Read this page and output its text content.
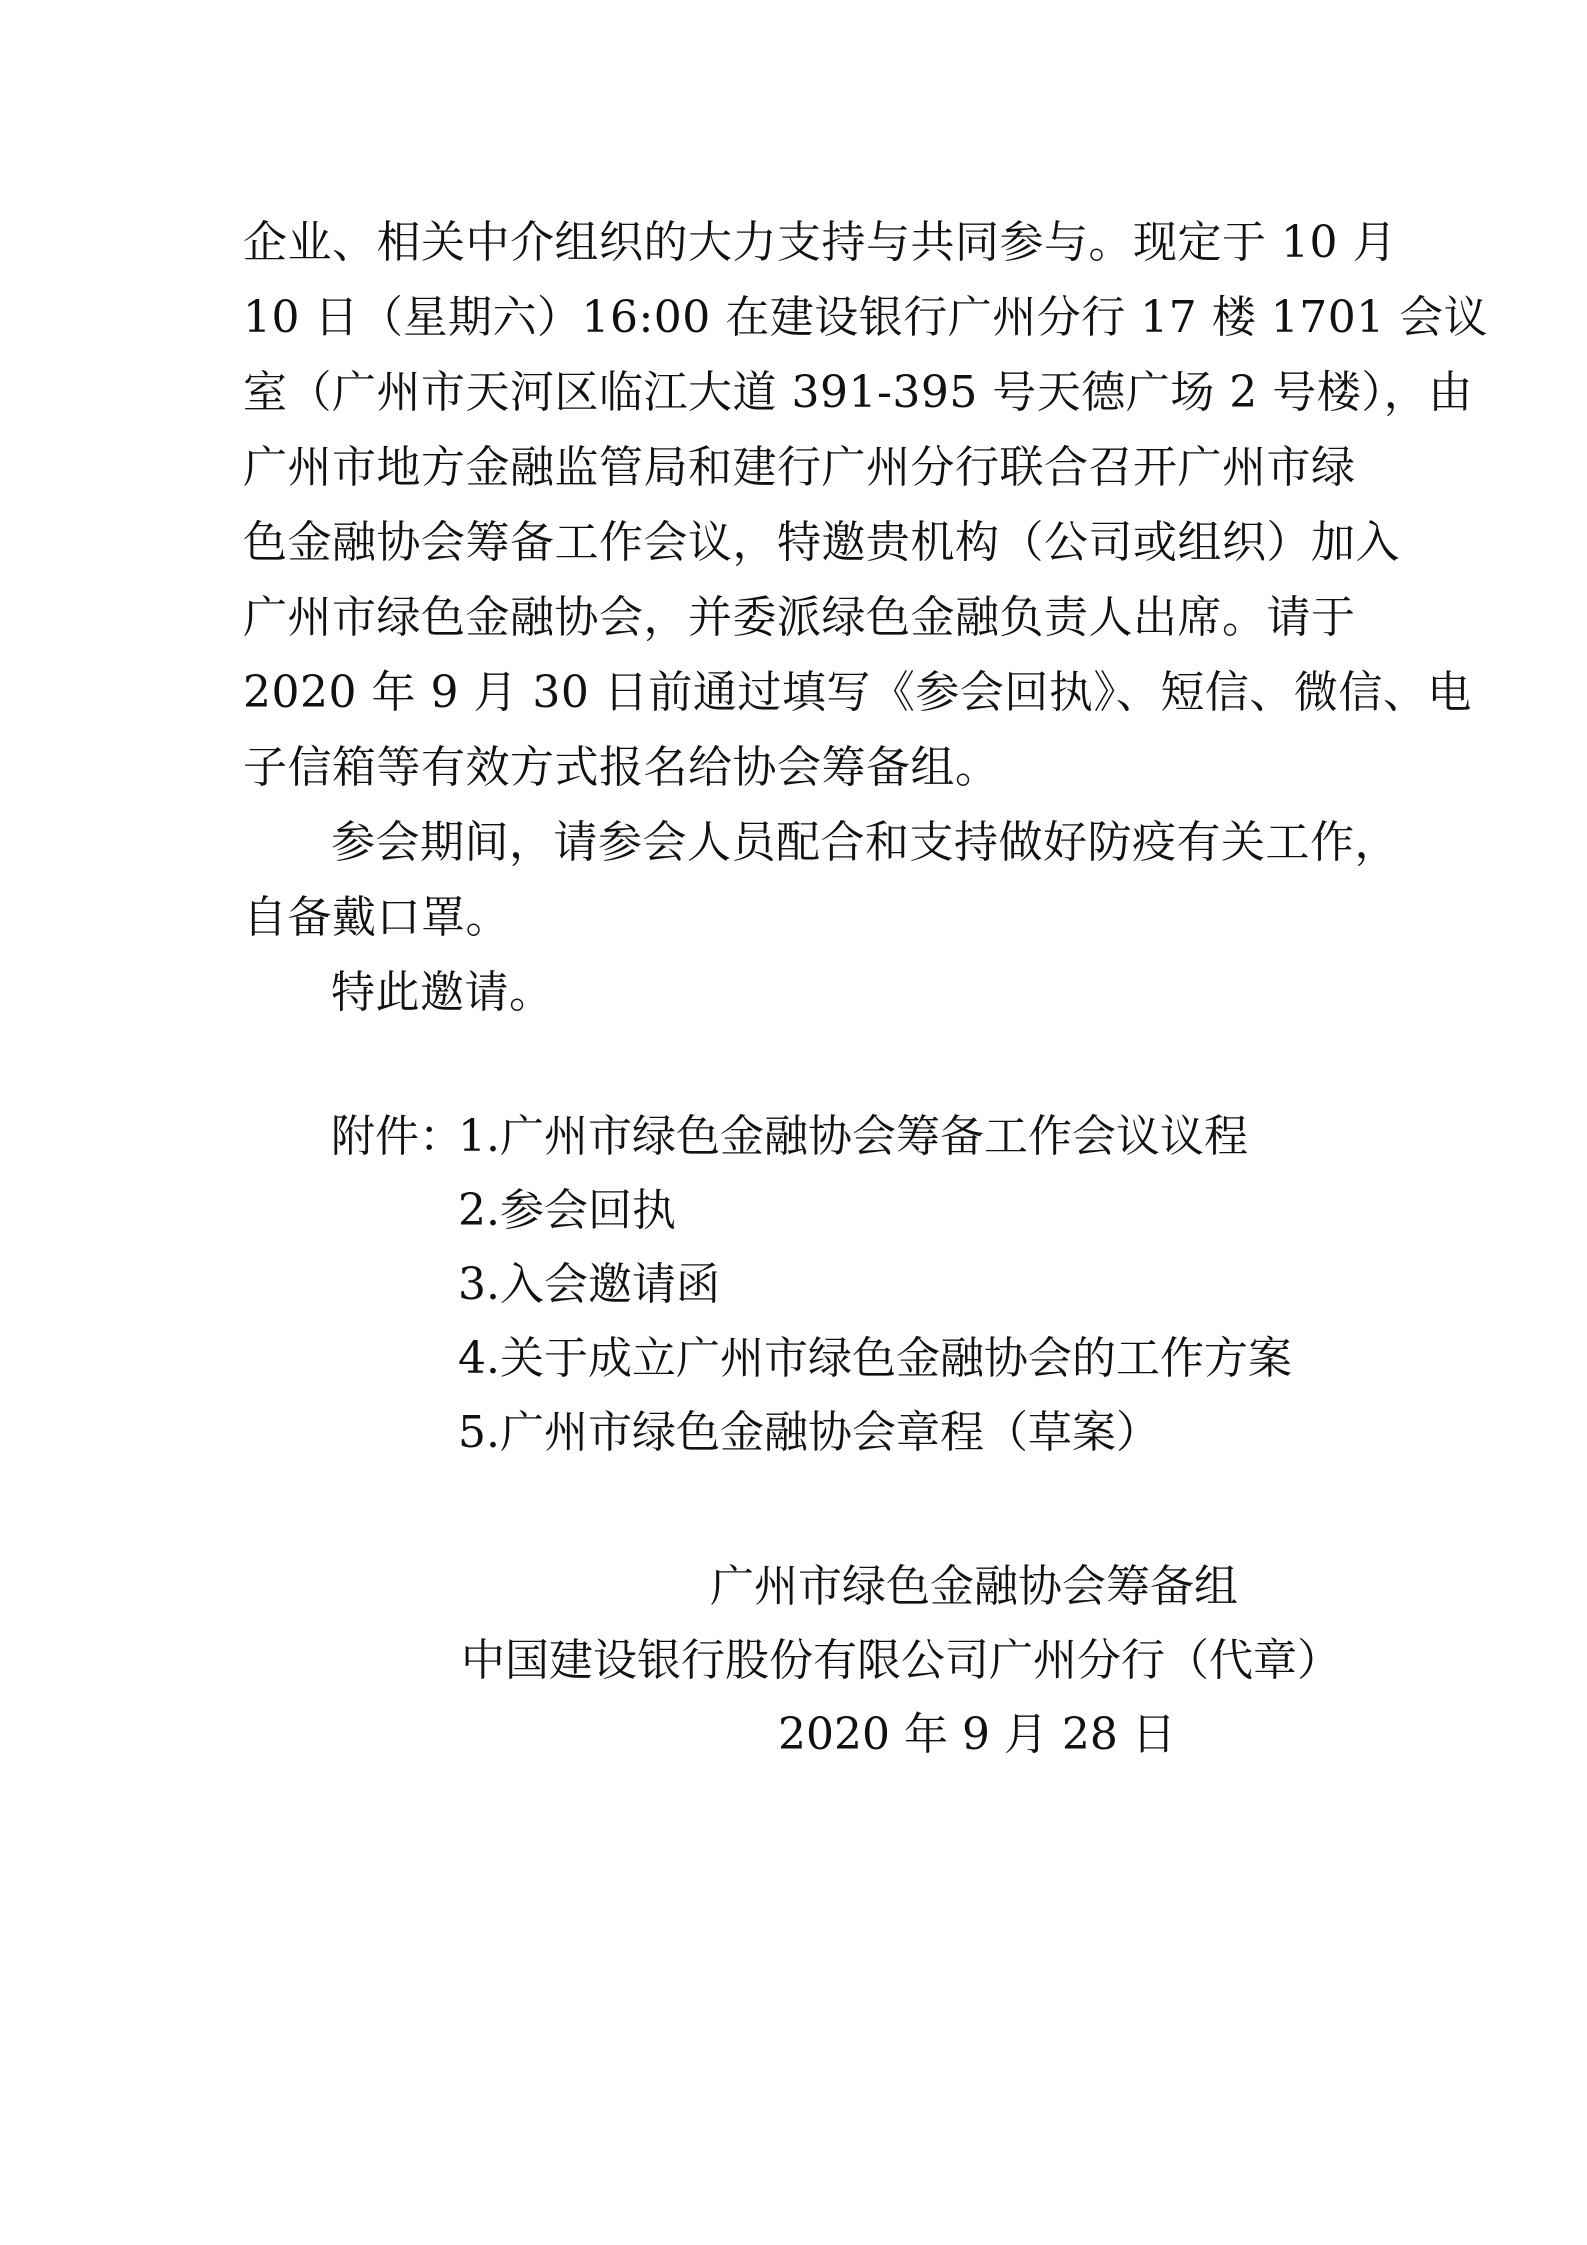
企业、相关中介组织的大力支持与共同参与。现定于 10 月
10 日（星期六）16:00 在建设银行广州分行 17 楼 1701 会议
室（广州市天河区临江大道 391-395 号天德广场 2 号楼），由
广州市地方金融监管局和建行广州分行联合召开广州市绿
色金融协会筹备工作会议，特邀贵机构（公司或组织）加入
广州市绿色金融协会，并委派绿色金融负责人出席。请于
2020 年 9 月 30 日前通过填写《参会回执》、短信、微信、电
子信箱等有效方式报名给协会筹备组。

参会期间，请参会人员配合和支持做好防疫有关工作，
自备戴口罩。

特此邀请。

附件：
1.广州市绿色金融协会筹备工作会议议程
2.参会回执
3.入会邀请函
4.关于成立广州市绿色金融协会的工作方案
5.广州市绿色金融协会章程（草案）
广州市绿色金融协会筹备组
中国建设银行股份有限公司广州分行（代章）
2020 年 9 月 28 日
